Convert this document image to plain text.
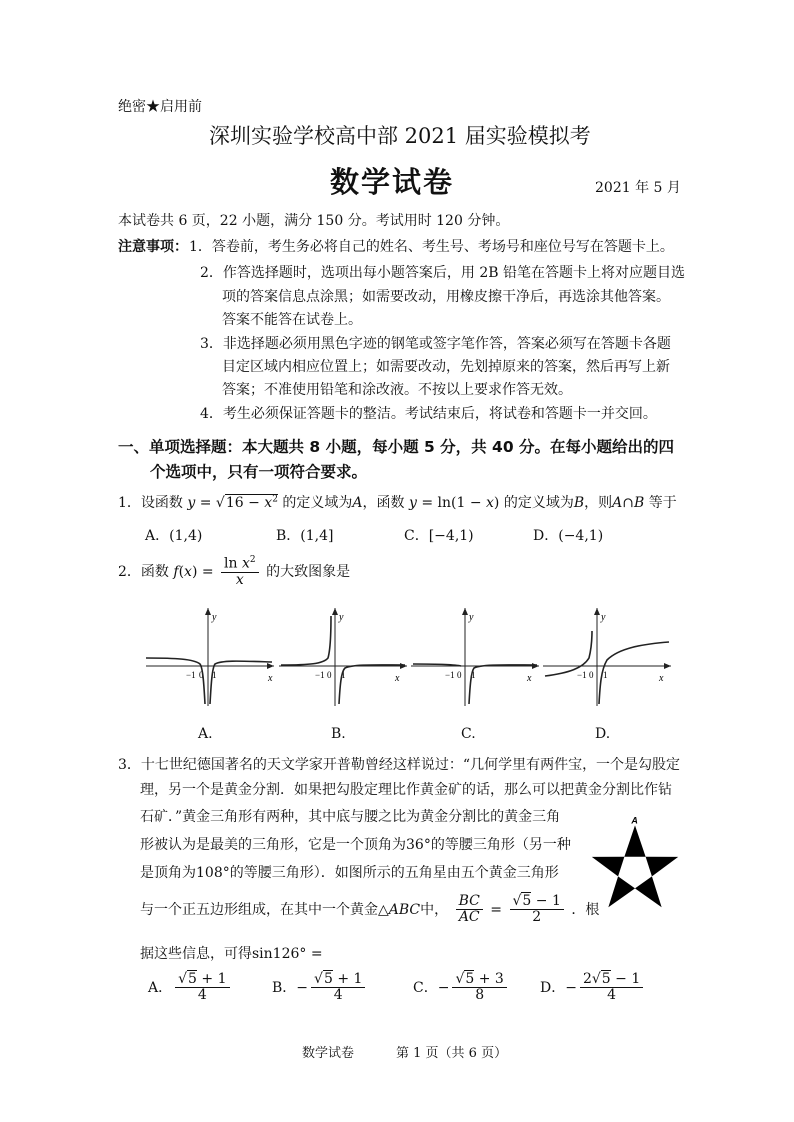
绝密★启用前
深圳实验学校高中部 2021 届实验模拟考
数学试卷	2021 年 5 月
本试卷共 6 页，22 小题，满分 150 分。考试用时 120 分钟。
注意事项： 1．答卷前，考生务必将自己的姓名、考生号、考场号和座位号写在答题卡上。
2．作答选择题时，选项出每小题答案后，用 2B 铅笔在答题卡上将对应题目选
项的答案信息点涂黑；如需要改动，用橡皮擦干净后，再选涂其他答案。
答案不能答在试卷上。
3．非选择题必须用黑色字迹的钢笔或签字笔作答，答案必须写在答题卡各题
目定区域内相应位置上；如需要改动，先划掉原来的答案，然后再写上新
答案；不准使用铅笔和涂改液。不按以上要求作答无效。
4．考生必须保证答题卡的整洁。考试结束后，将试卷和答题卡一并交回。
一、单项选择题：本大题共 8 小题，每小题 5 分，共 40 分。在每小题给出的四
个选项中，只有一项符合要求。
1．设函数 $y = √16 - x^2$ 的定义域为A，函数 y = ln(1 − x) 的定义域为B，则A∩B 等于
A．(1,4)	B．(1,4]	C．[−4,1)	D．(−4,1)
2．函数 $f(x) = \frac{\ln x^2}{x}$ 的大致图象是
y
x
−1 0 1
y
x
−1 0 1
y
x
−1 0 1
y
x
−1 0 1
A.	B.	C.	D.
3．十七世纪德国著名的天文学家开普勒曾经这样说过：“几何学里有两件宝，一个是勾股定
理，另一个是黄金分割．如果把勾股定理比作黄金矿的话，那么可以把黄金分割比作钻
石矿．”黄金三角形有两种，其中底与腰之比为黄金分割比的黄金三角
形被认为是最美的三角形，它是一个顶角为36°的等腰三角形（另一种
是顶角为108°的等腰三角形）．如图所示的五角星由五个黄金三角形
与一个正五边形组成，在其中一个黄金△ABC中， $\frac{BC}{AC} = \frac{√5 - 1}{2}$ ．根
据这些信息，可得sin126° =
A
B C
A． $\frac{√5 + 1}{4}$	B．− $\frac{√5 + 1}{4}$	C．− $\frac{√5 + 3}{8}$ D．− $\frac{2√5 - 1}{4}$
数学试卷	第 1 页（共 6 页）
